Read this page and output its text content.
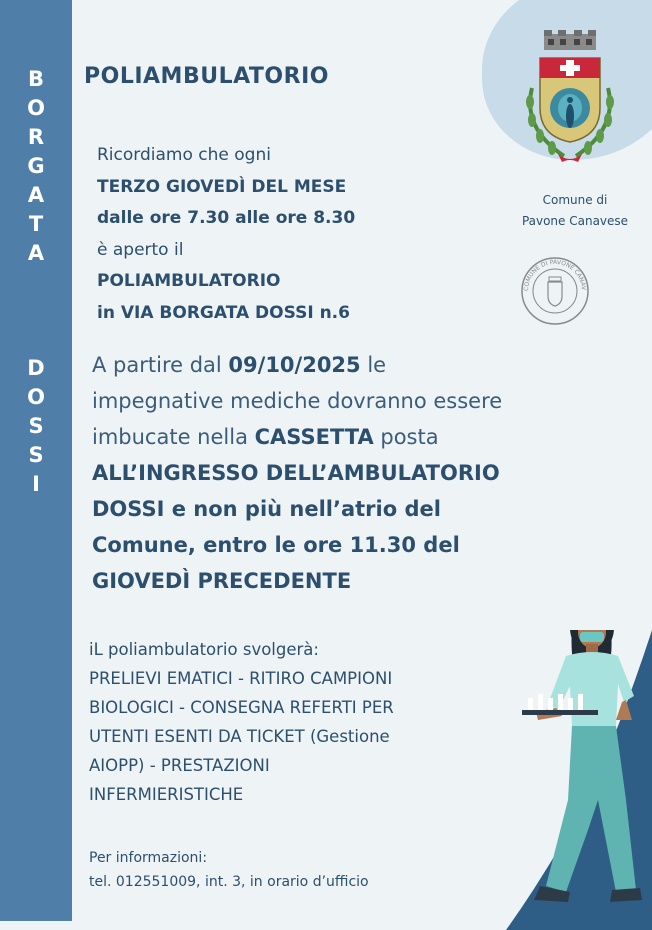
B
O
R
G
A
T
A
D
O
S
S
I
Comune di
Pavone Canavese
COMUNE DI PAVONE CANAV
POLIAMBULATORIO
Ricordiamo che ogni
TERZO GIOVEDÌ DEL MESE
dalle ore 7.30 alle ore 8.30
è aperto il
POLIAMBULATORIO
in VIA BORGATA DOSSI n.6
A partire dal 09/10/2025 le
impegnative mediche dovranno essere
imbucate nella CASSETTA posta
ALL’INGRESSO DELL’AMBULATORIO
DOSSI e non più nell’atrio del
Comune, entro le ore 11.30 del
GIOVEDÌ PRECEDENTE
iL poliambulatorio svolgerà:
PRELIEVI EMATICI - RITIRO CAMPIONI
BIOLOGICI - CONSEGNA REFERTI PER
UTENTI ESENTI DA TICKET (Gestione
AIOPP) - PRESTAZIONI
INFERMIERISTICHE
Per informazioni:
tel. 012551009, int. 3, in orario d’ufficio
